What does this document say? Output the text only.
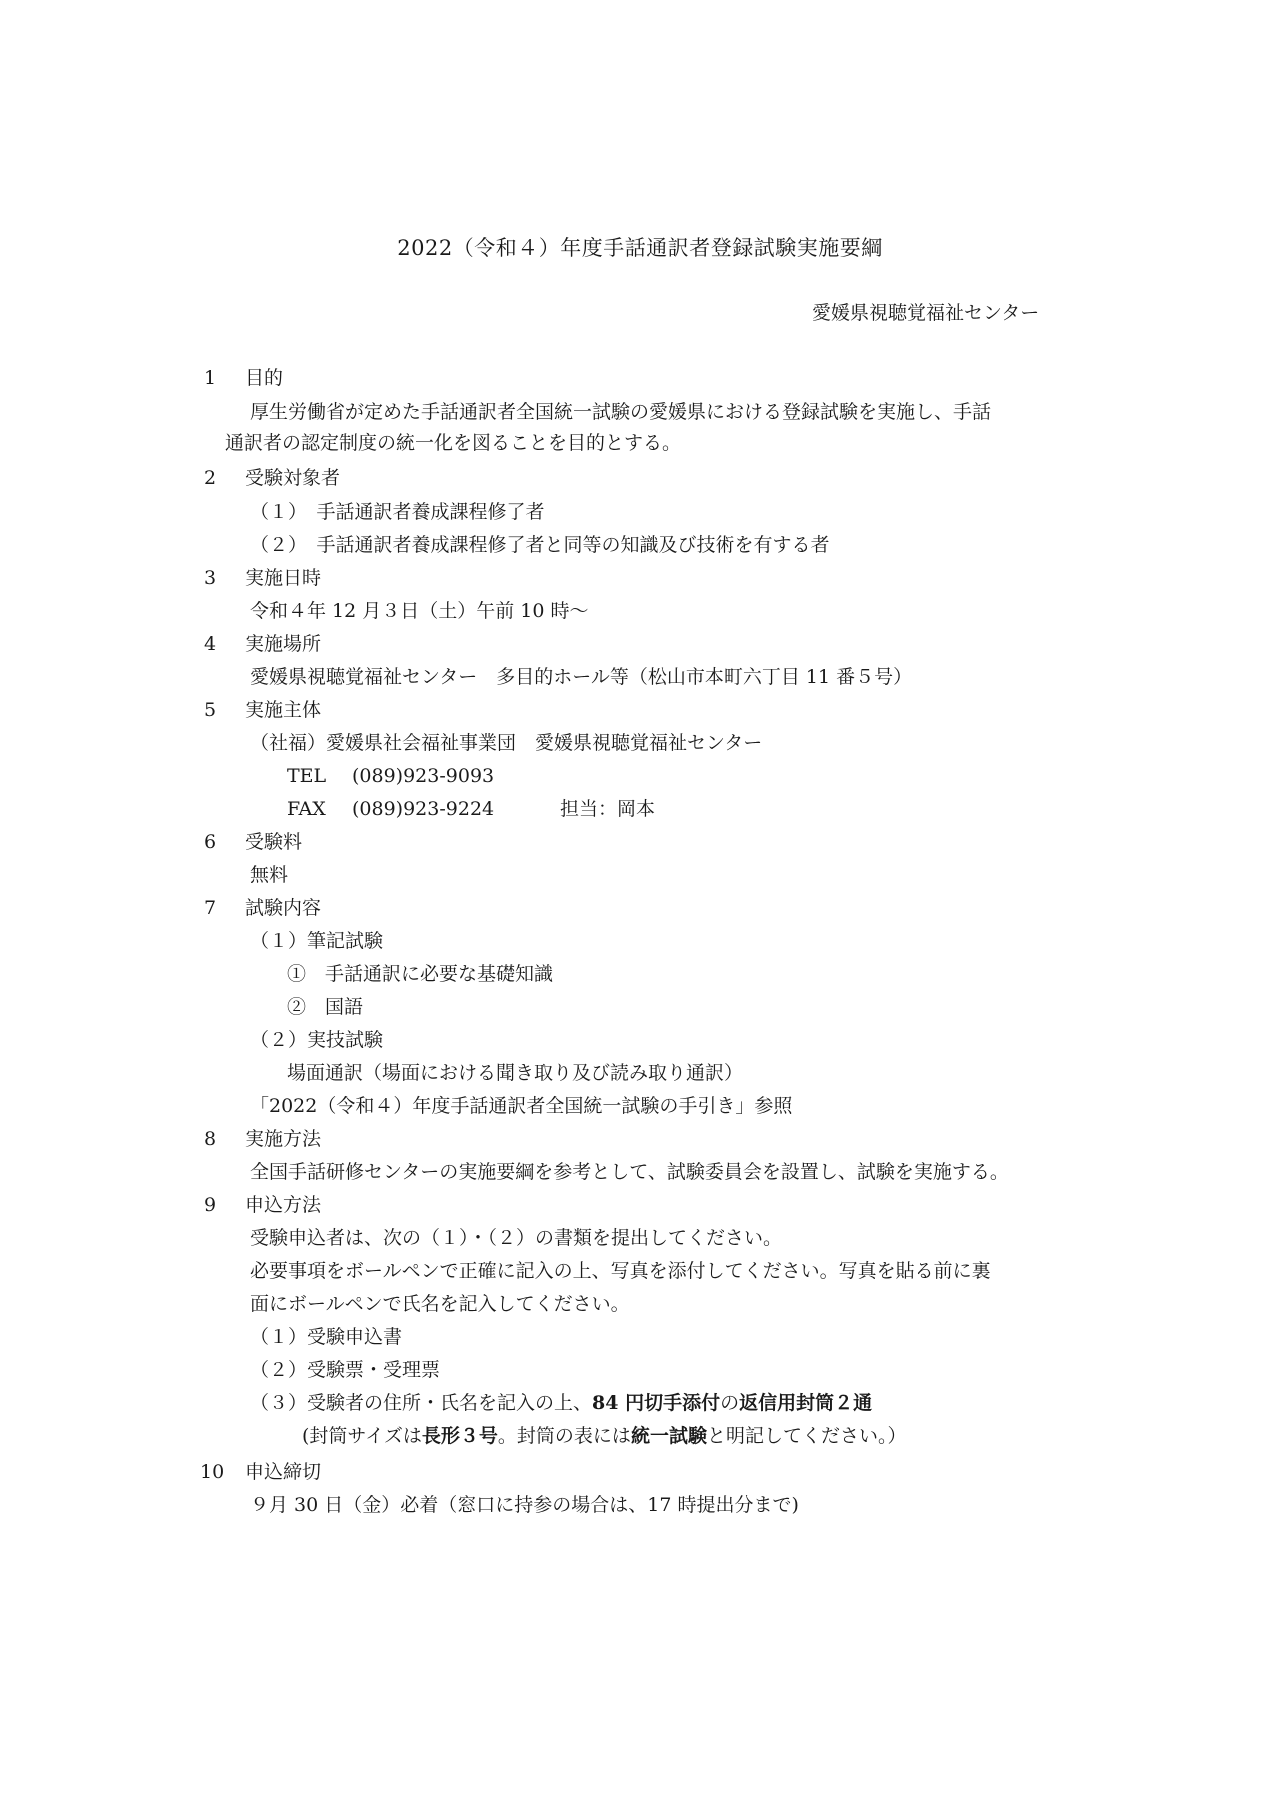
2022（令和４）年度手話通訳者登録試験実施要綱
愛媛県視聴覚福祉センター
1 目的
厚生労働省が定めた手話通訳者全国統一試験の愛媛県における登録試験を実施し、手話
通訳者の認定制度の統一化を図ることを目的とする。
2 受験対象者
（１）　手話通訳者養成課程修了者
（２）　手話通訳者養成課程修了者と同等の知識及び技術を有する者
3 実施日時
令和４年 12 月３日（土）午前 10 時～
4 実施場所
愛媛県視聴覚福祉センター　多目的ホール等（松山市本町六丁目 11 番５号）
5 実施主体
（社福）愛媛県社会福祉事業団　愛媛県視聴覚福祉センター
TEL (089)923-9093
FAX (089)923-9224	担当：岡本
6 受験料
無料
7 試験内容
（１）筆記試験
①　手話通訳に必要な基礎知識
②　国語
（２）実技試験
場面通訳（場面における聞き取り及び読み取り通訳）
「2022（令和４）年度手話通訳者全国統一試験の手引き」参照
8 実施方法
全国手話研修センターの実施要綱を参考として、試験委員会を設置し、試験を実施する。
9 申込方法
受験申込者は、次の（１）・（２）の書類を提出してください。
必要事項をボールペンで正確に記入の上、写真を添付してください。写真を貼る前に裏
面にボールペンで氏名を記入してください。
（１）受験申込書
（２）受験票・受理票
（３）受験者の住所・氏名を記入の上、84 円切手添付の返信用封筒２通
(封筒サイズは長形３号。封筒の表には統一試験と明記してください。）
10 申込締切
９月 30 日（金）必着（窓口に持参の場合は、17 時提出分まで)
